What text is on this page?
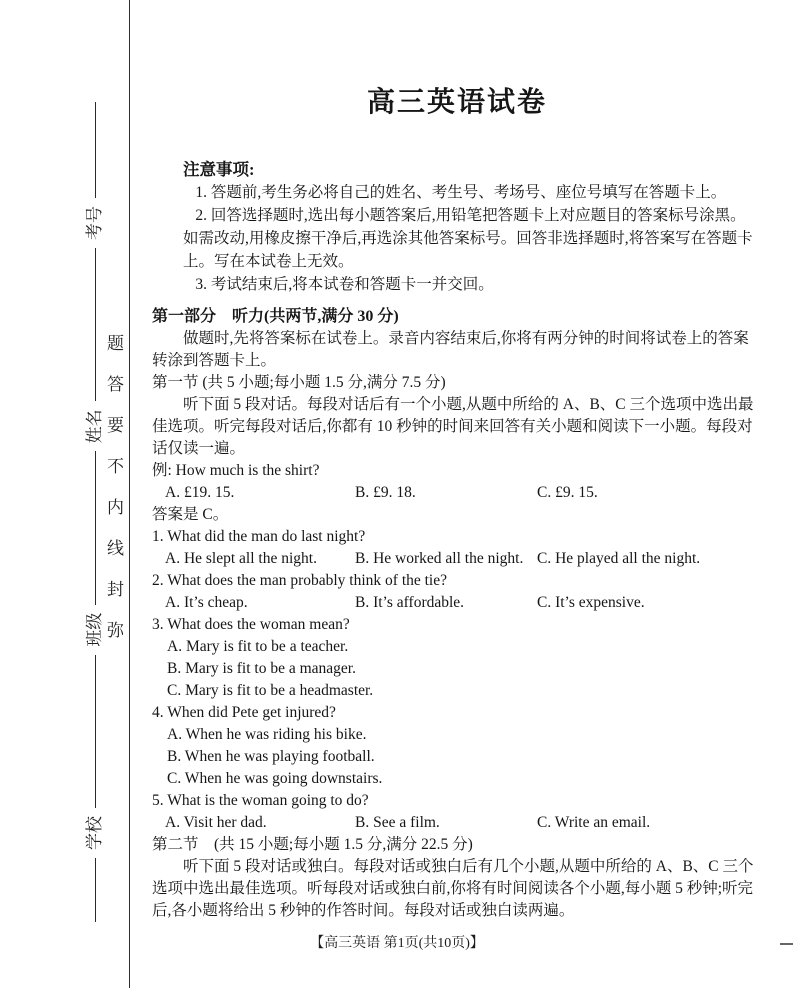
学校
班级
姓名
考号
题答要不内线封弥
高三英语试卷

注意事项:

1. 答题前,考生务必将自己的姓名、考生号、考场号、座位号填写在答题卡上。

2. 回答选择题时,选出每小题答案后,用铅笔把答题卡上对应题目的答案标号涂黑。如需改动,用橡皮擦干净后,再选涂其他答案标号。回答非选择题时,将答案写在答题卡上。写在本试卷上无效。

3. 考试结束后,将本试卷和答题卡一并交回。

第一部分　听力(共两节,满分 30 分)

做题时,先将答案标在试卷上。录音内容结束后,你将有两分钟的时间将试卷上的答案转涂到答题卡上。

第一节 (共 5 小题;每小题 1.5 分,满分 7.5 分)

听下面 5 段对话。每段对话后有一个小题,从题中所给的 A、B、C 三个选项中选出最佳选项。听完每段对话后,你都有 10 秒钟的时间来回答有关小题和阅读下一小题。每段对话仅读一遍。

例: How much is the shirt?

A. £19. 15.	B. £9. 18.	C. £9. 15.

答案是 C。

1. What did the man do last night?

A. He slept all the night.	B. He worked all the night. C. He played all the night.

2. What does the man probably think of the tie?

A. It’s cheap.	B. It’s affordable.	C. It’s expensive.

3. What does the woman mean?

A. Mary is fit to be a teacher.

B. Mary is fit to be a manager.

C. Mary is fit to be a headmaster.

4. When did Pete get injured?

A. When he was riding his bike.

B. When he was playing football.

C. When he was going downstairs.

5. What is the woman going to do?

A. Visit her dad.	B. See a film.	C. Write an email.

第二节　(共 15 小题;每小题 1.5 分,满分 22.5 分)

听下面 5 段对话或独白。每段对话或独白后有几个小题,从题中所给的 A、B、C 三个选项中选出最佳选项。听每段对话或独白前,你将有时间阅读各个小题,每小题 5 秒钟;听完后,各小题将给出 5 秒钟的作答时间。每段对话或独白读两遍。

【高三英语 第1页(共10页)】
